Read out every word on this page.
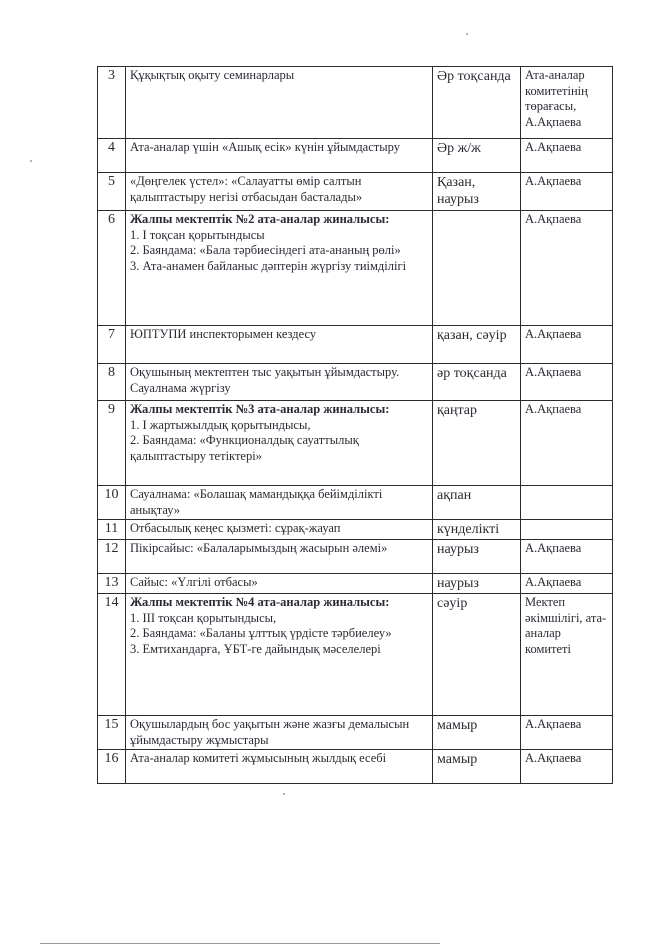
3	Құқықтық оқыту семинарлары	Әр тоқсанда	Ата-аналар комитетінің төрағасы, А.Ақпаева
4	Ата-аналар үшін «Ашық есік» күнін ұйымдастыру	Әр ж/ж	А.Ақпаева
5	«Дөңгелек үстел»: «Салауатты өмір салтын қалыптастыру негізі отбасыдан басталады»	Қазан, наурыз	А.Ақпаева
6	Жалпы мектептік №2 ата-аналар жиналысы:
1. I тоқсан қорытындысы
2. Баяндама: «Бала тәрбиесіндегі ата-ананың рөлі»
3. Ата-анамен байланыс дәптерін жүргізу тиімділігі		А.Ақпаева
7	ЮПТУПИ инспекторымен кездесу	қазан, сәуір	А.Ақпаева
8	Оқушының мектептен тыс уақытын ұйымдастыру. Сауалнама жүргізу	әр тоқсанда	А.Ақпаева
9	Жалпы мектептік №3 ата-аналар жиналысы:
1. I жартыжылдық қорытындысы,
2. Баяндама: «Функционалдық сауаттылық қалыптастыру тетіктері»	қаңтар	А.Ақпаева
10	Сауалнама: «Болашақ мамандыққа бейімділікті анықтау»	ақпан	
11	Отбасылық кеңес қызметі: сұрақ-жауап	күнделікті	
12	Пікірсайыс: «Балаларымыздың жасырын әлемі»	наурыз	А.Ақпаева
13	Сайыс: «Үлгілі отбасы»	наурыз	А.Ақпаева
14	Жалпы мектептік №4 ата-аналар жиналысы:
1. III тоқсан қорытындысы,
2. Баяндама: «Баланы ұлттық үрдісте тәрбиелеу»
3. Емтихандарға, ҰБТ-ге дайындық мәселелері	сәуір	Мектеп әкімшілігі, ата-аналар комитеті
15	Оқушылардың бос уақытын және жазғы демалысын ұйымдастыру жұмыстары	мамыр	А.Ақпаева
16	Ата-аналар комитеті жұмысының жылдық есебі	мамыр	А.Ақпаева
